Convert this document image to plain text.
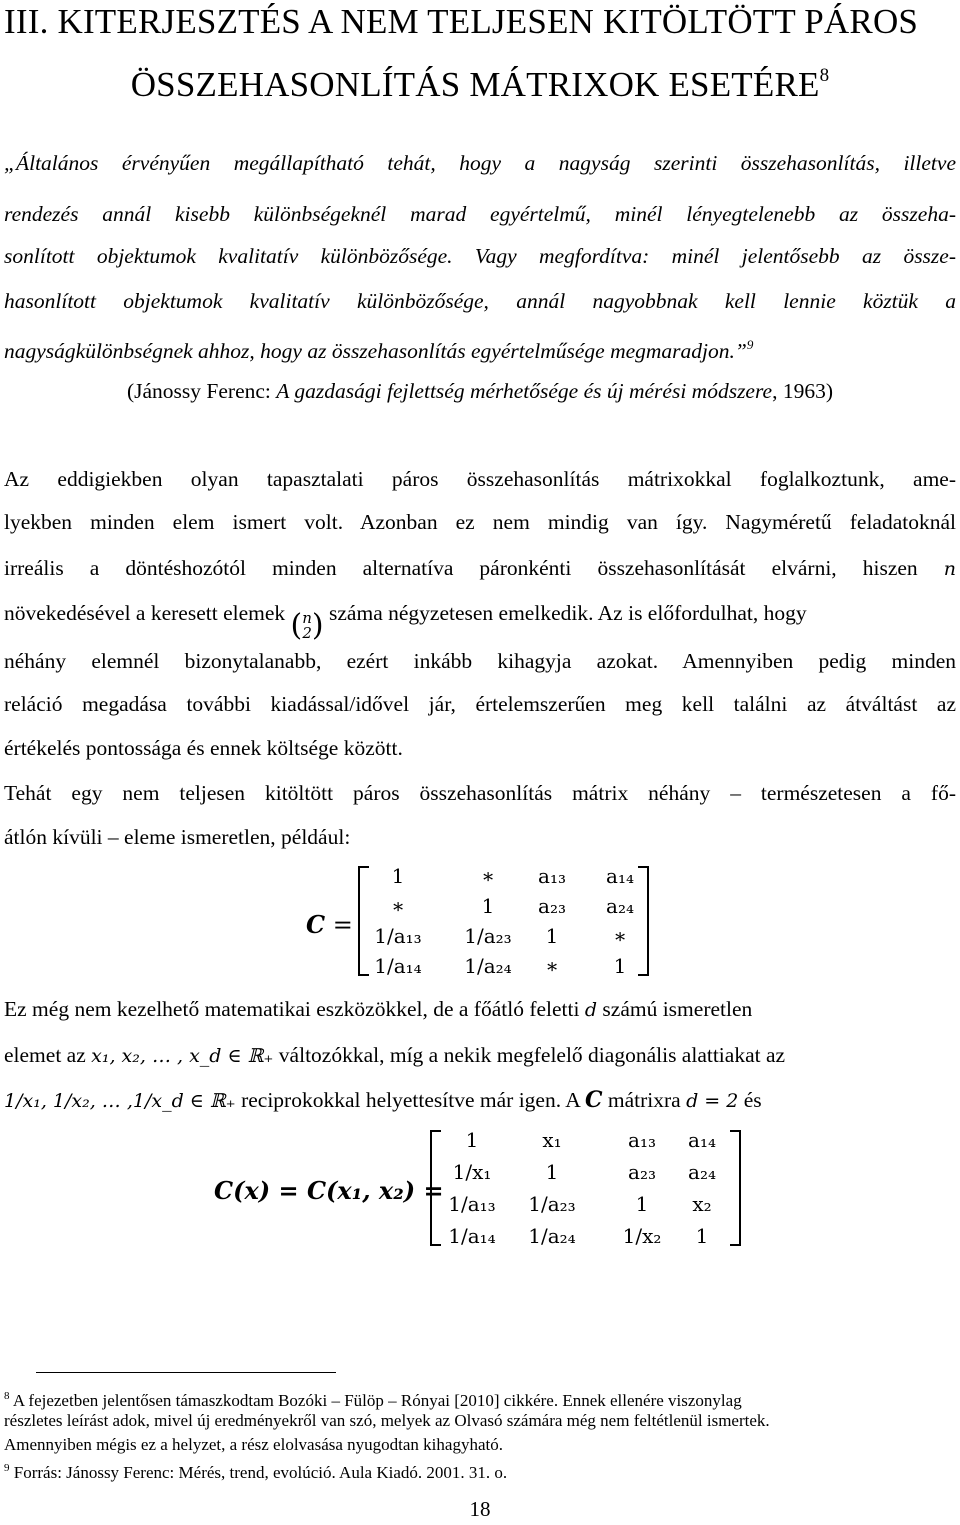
III. KITERJESZTÉS A NEM TELJESEN KITÖLTÖTT PÁROS
ÖSSZEHASONLÍTÁS MÁTRIXOK ESETÉRE$^8$
„Általános érvényűen megállapítható tehát, hogy a nagyság szerinti összehasonlítás, illetve
rendezés annál kisebb különbségeknél marad egyértelmű, minél lényegtelenebb az összeha-
sonlított objektumok kvalitatív különbözősége. Vagy megfordítva: minél jelentősebb az össze-
hasonlított objektumok kvalitatív különbözősége, annál nagyobbnak kell lennie köztük a
nagyságkülönbségnek ahhoz, hogy az összehasonlítás egyértelműsége megmaradjon.”$^9$
(Jánossy Ferenc: A gazdasági fejlettség mérhetősége és új mérési módszere, 1963)
Az eddigiekben olyan tapasztalati páros összehasonlítás mátrixokkal foglalkoztunk, ame-
lyekben minden elem ismert volt. Azonban ez nem mindig van így. Nagyméretű feladatoknál
irreális a döntéshozótól minden alternatíva páronkénti összehasonlítását elvárni, hiszen n
növekedésével a keresett elemek (n
2) száma négyzetesen emelkedik. Az is előfordulhat, hogy
néhány elemnél bizonytalanabb, ezért inkább kihagyja azokat. Amennyiben pedig minden
reláció megadása további kiadással/idővel jár, értelemszerűen meg kell találni az átváltást az
értékelés pontossága és ennek költsége között.
Tehát egy nem teljesen kitöltött páros összehasonlítás mátrix néhány – természetesen a fő-
átlón kívüli – eleme ismeretlen, például:
C =
1	∗	a₁₃	a₁₄
∗	1	a₂₃	a₂₄
1/a₁₃	1/a₂₃	1	∗
1/a₁₄	1/a₂₄	∗	1
Ez még nem kezelhető matematikai eszközökkel, de a főátló feletti d számú ismeretlen
elemet az x₁, x₂, … , x_d ∈ ℝ₊ változókkal, míg a nekik megfelelő diagonális alattiakat az
1/x₁, 1/x₂, … ,1/x_d ∈ ℝ₊ reciprokokkal helyettesítve már igen. A C mátrixra d = 2 és
C(x) = C(x₁, x₂) =
1	x₁	a₁₃	a₁₄
1/x₁	1	a₂₃	a₂₄
1/a₁₃	1/a₂₃	1	x₂
1/a₁₄	1/a₂₄	1/x₂	1
$^8$ A fejezetben jelentősen támaszkodtam Bozóki – Fülöp – Rónyai [2010] cikkére. Ennek ellenére viszonylag
részletes leírást adok, mivel új eredményekről van szó, melyek az Olvasó számára még nem feltétlenül ismertek.
Amennyiben mégis ez a helyzet, a rész elolvasása nyugodtan kihagyható.
$^9$ Forrás: Jánossy Ferenc: Mérés, trend, evolúció. Aula Kiadó. 2001. 31. o.
18
